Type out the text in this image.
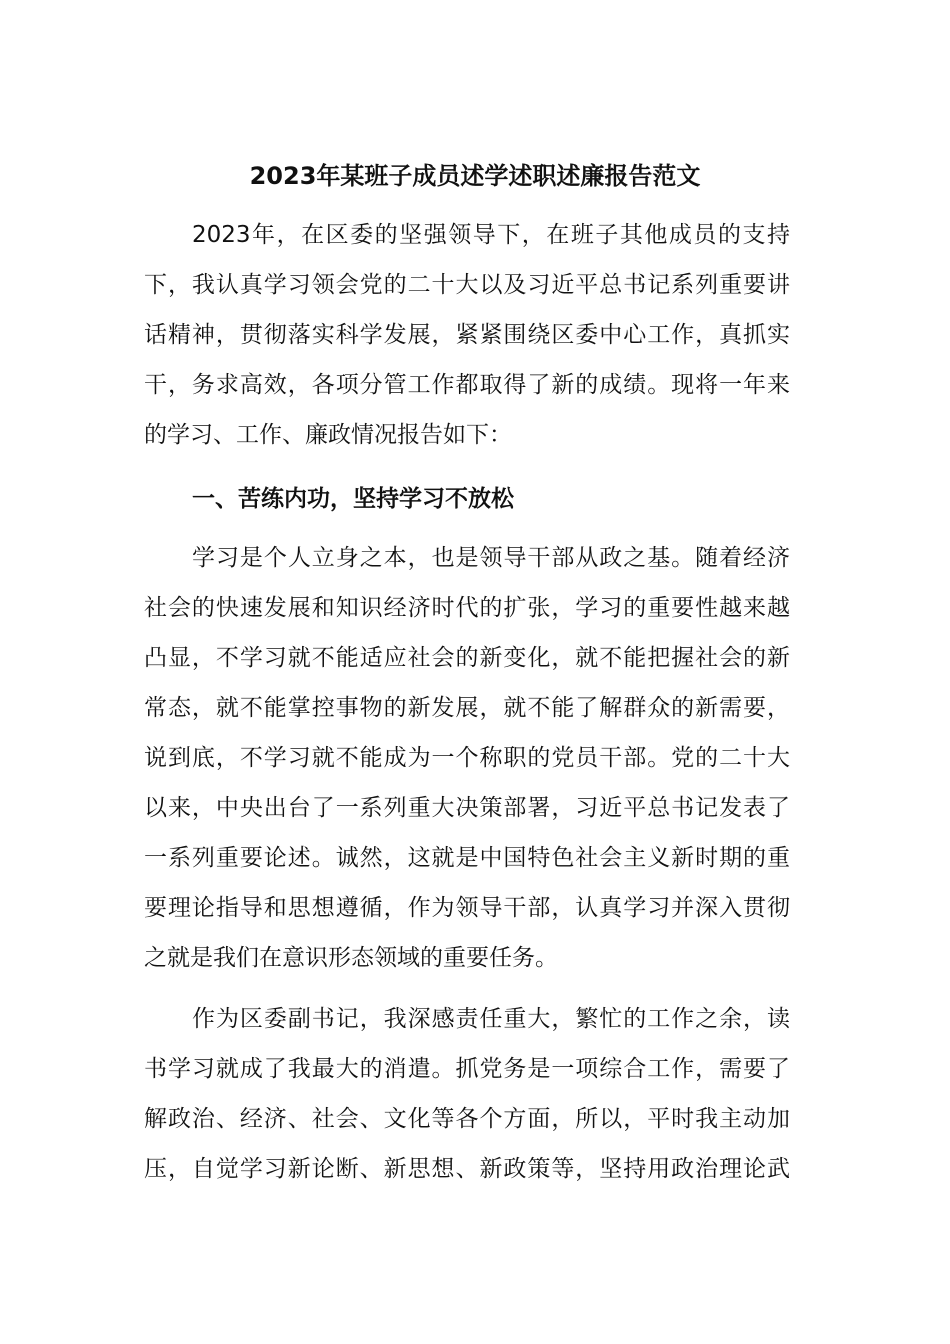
2023年某班子成员述学述职述廉报告范文
2023年，在区委的坚强领导下，在班子其他成员的支持
下，我认真学习领会党的二十大以及习近平总书记系列重要讲
话精神，贯彻落实科学发展，紧紧围绕区委中心工作，真抓实
干，务求高效，各项分管工作都取得了新的成绩。现将一年来
的学习、工作、廉政情况报告如下：
一、苦练内功，坚持学习不放松
学习是个人立身之本，也是领导干部从政之基。随着经济
社会的快速发展和知识经济时代的扩张，学习的重要性越来越
凸显，不学习就不能适应社会的新变化，就不能把握社会的新
常态，就不能掌控事物的新发展，就不能了解群众的新需要，
说到底，不学习就不能成为一个称职的党员干部。党的二十大
以来，中央出台了一系列重大决策部署，习近平总书记发表了
一系列重要论述。诚然，这就是中国特色社会主义新时期的重
要理论指导和思想遵循，作为领导干部，认真学习并深入贯彻
之就是我们在意识形态领域的重要任务。
作为区委副书记，我深感责任重大，繁忙的工作之余，读
书学习就成了我最大的消遣。抓党务是一项综合工作，需要了
解政治、经济、社会、文化等各个方面，所以，平时我主动加
压，自觉学习新论断、新思想、新政策等，坚持用政治理论武
